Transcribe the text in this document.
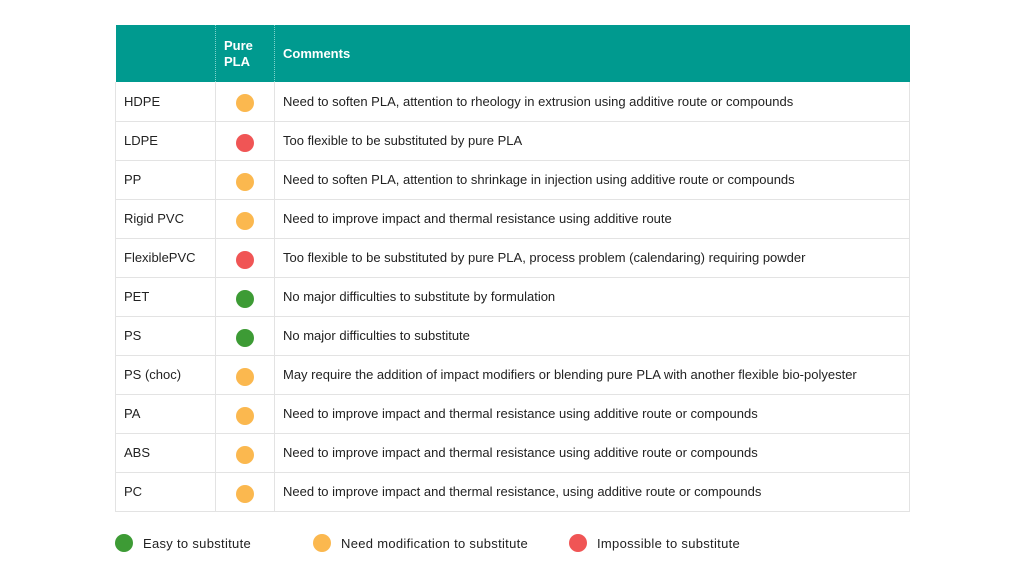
	Pure PLA	Comments
HDPE		Need to soften PLA, attention to rheology in extrusion using additive route or compounds
LDPE		Too flexible to be substituted by pure PLA
PP		Need to soften PLA, attention to shrinkage in injection using additive route or compounds
Rigid PVC		Need to improve impact and thermal resistance using additive route
FlexiblePVC		Too flexible to be substituted by pure PLA, process problem (calendaring) requiring powder
PET		No major difficulties to substitute by formulation
PS		No major difficulties to substitute
PS (choc)		May require the addition of impact modifiers or blending pure PLA with another flexible bio-polyester
PA		Need to improve impact and thermal resistance using additive route or compounds
ABS		Need to improve impact and thermal resistance using additive route or compounds
PC		Need to improve impact and thermal resistance, using additive route or compounds
Easy to substitute	Need modification to substitute	Impossible to substitute
